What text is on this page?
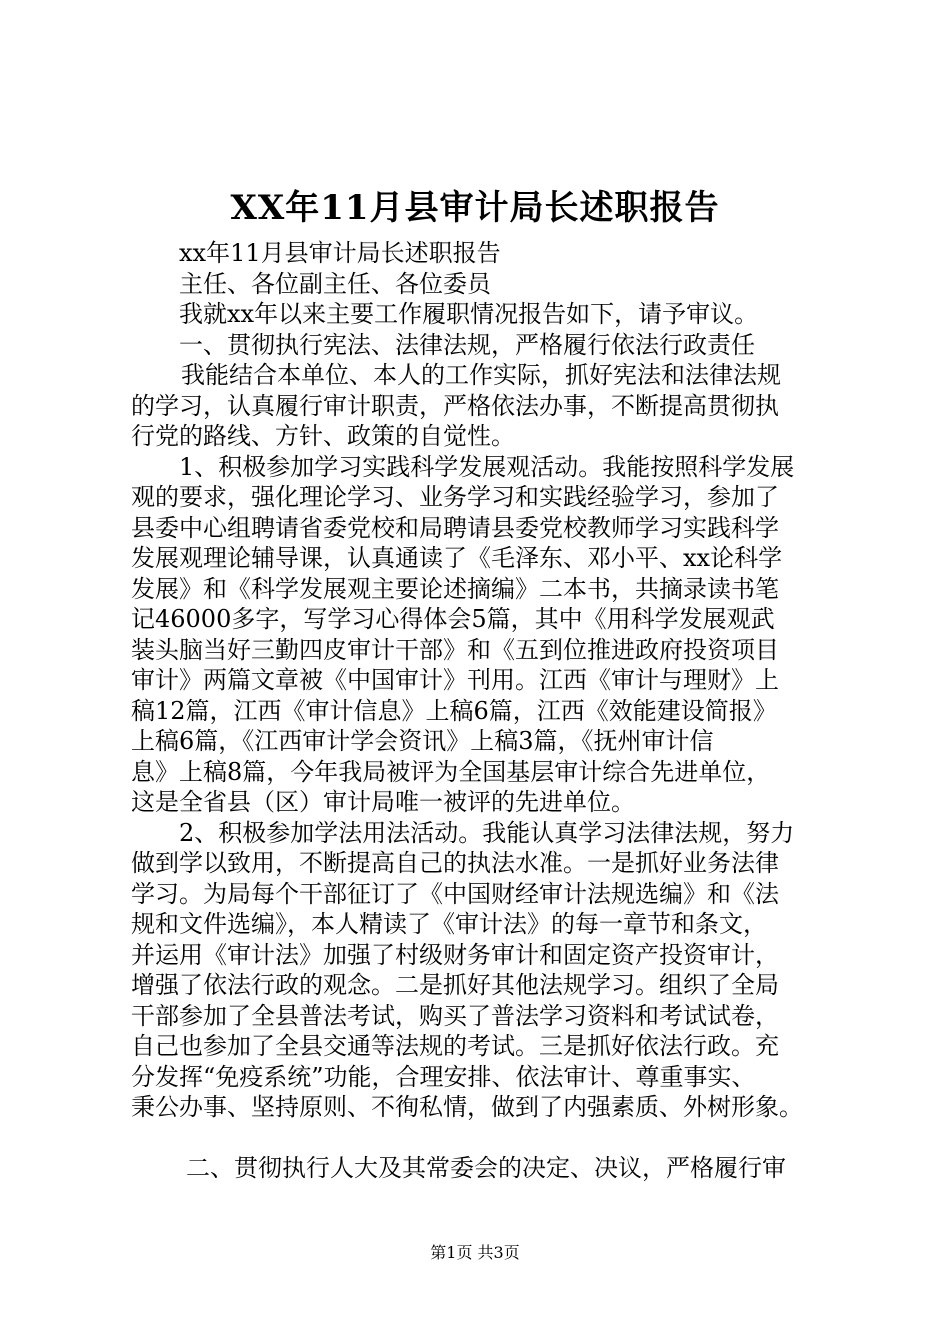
XX年11月县审计局长述职报告
xx年11月县审计局长述职报告
主任、各位副主任、各位委员
我就xx年以来主要工作履职情况报告如下，请予审议。
一、贯彻执行宪法、法律法规，严格履行依法行政责任
我能结合本单位、本人的工作实际，抓好宪法和法律法规
的学习，认真履行审计职责，严格依法办事，不断提高贯彻执
行党的路线、方针、政策的自觉性。
1、积极参加学习实践科学发展观活动。我能按照科学发展
观的要求，强化理论学习、业务学习和实践经验学习，参加了
县委中心组聘请省委党校和局聘请县委党校教师学习实践科学
发展观理论辅导课，认真通读了《毛泽东、邓小平、xx论科学
发展》和《科学发展观主要论述摘编》二本书，共摘录读书笔
记46000多字，写学习心得体会5篇，其中《用科学发展观武
装头脑当好三勤四皮审计干部》和《五到位推进政府投资项目
审计》两篇文章被《中国审计》刊用。江西《审计与理财》上
稿12篇，江西《审计信息》上稿6篇，江西《效能建设简报》
上稿6篇，《江西审计学会资讯》上稿3篇，《抚州审计信
息》上稿8篇，今年我局被评为全国基层审计综合先进单位，
这是全省县（区）审计局唯一被评的先进单位。
2、积极参加学法用法活动。我能认真学习法律法规，努力
做到学以致用，不断提高自己的执法水准。一是抓好业务法律
学习。为局每个干部征订了《中国财经审计法规选编》和《法
规和文件选编》，本人精读了《审计法》的每一章节和条文，
并运用《审计法》加强了村级财务审计和固定资产投资审计，
增强了依法行政的观念。二是抓好其他法规学习。组织了全局
干部参加了全县普法考试，购买了普法学习资料和考试试卷，
自己也参加了全县交通等法规的考试。三是抓好依法行政。充
分发挥“免疫系统”功能，合理安排、依法审计、尊重事实、
秉公办事、坚持原则、不徇私情，做到了内强素质、外树形象。
二、贯彻执行人大及其常委会的决定、决议，严格履行审
第1页 共3页
